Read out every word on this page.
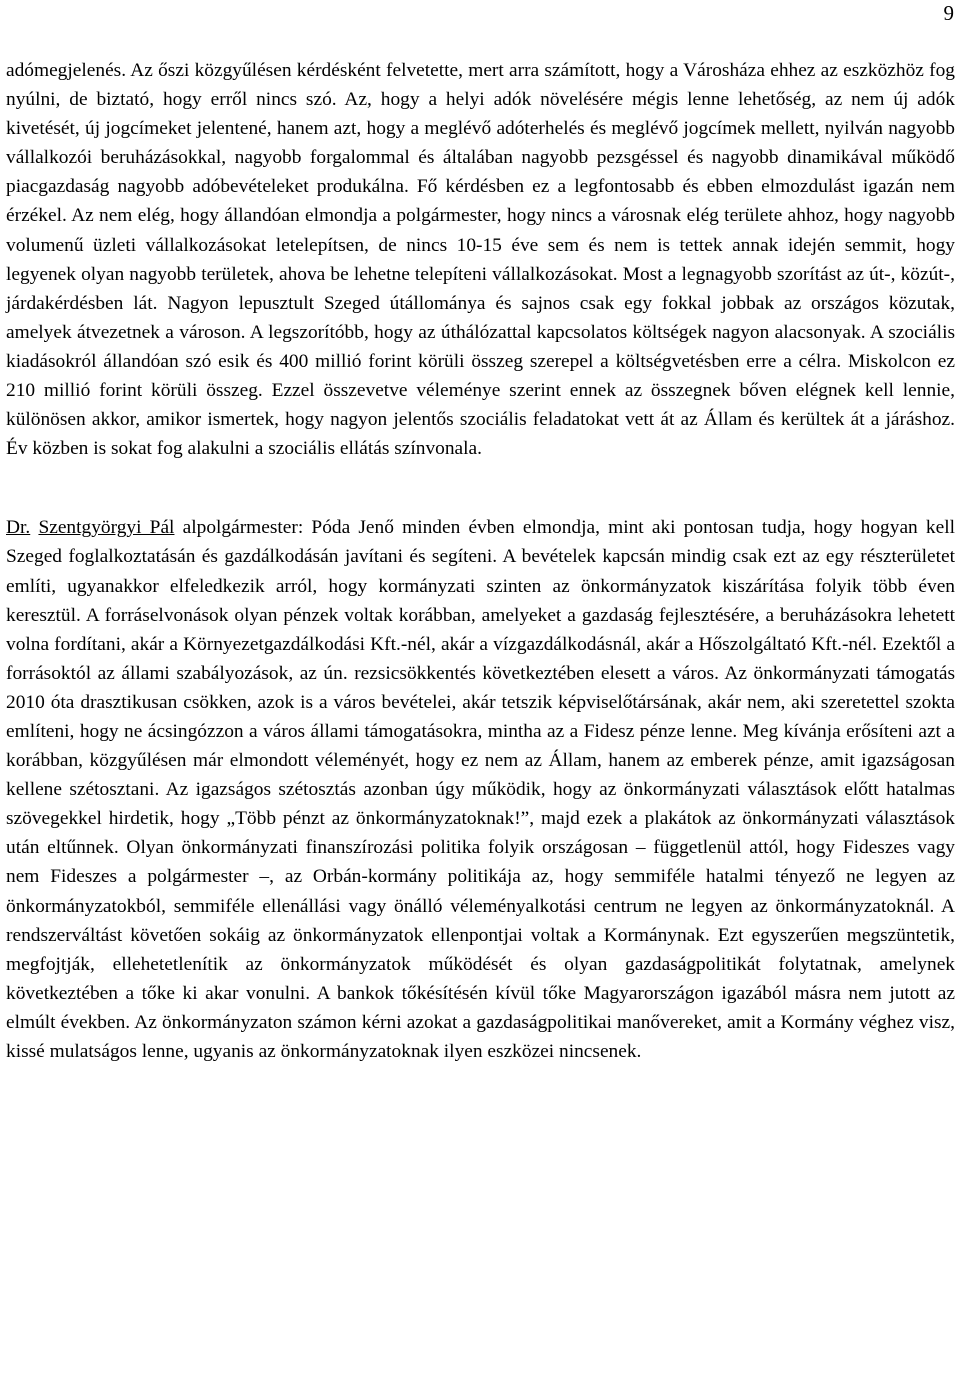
9

adómegjelenés. Az őszi közgyűlésen kérdésként felvetette, mert arra számított, hogy a Városháza ehhez az eszközhöz fog nyúlni, de biztató, hogy erről nincs szó. Az, hogy a helyi adók növelésére mégis lenne lehetőség, az nem új adók kivetését, új jogcímeket jelentené, hanem azt, hogy a meglévő adóterhelés és meglévő jogcímek mellett, nyilván nagyobb vállalkozói beruházásokkal, nagyobb forgalommal és általában nagyobb pezsgéssel és nagyobb dinamikával működő piacgazdaság nagyobb adóbevételeket produkálna. Fő kérdésben ez a legfontosabb és ebben elmozdulást igazán nem érzékel. Az nem elég, hogy állandóan elmondja a polgármester, hogy nincs a városnak elég területe ahhoz, hogy nagyobb volumenű üzleti vállalkozásokat letelepítsen, de nincs 10-15 éve sem és nem is tettek annak idején semmit, hogy legyenek olyan nagyobb területek, ahova be lehetne telepíteni vállalkozásokat. Most a legnagyobb szorítást az út-, közút-, járdakérdésben lát. Nagyon lepusztult Szeged útállománya és sajnos csak egy fokkal jobbak az országos közutak, amelyek átvezetnek a városon. A legszorítóbb, hogy az úthálózattal kapcsolatos költségek nagyon alacsonyak. A szociális kiadásokról állandóan szó esik és 400 millió forint körüli összeg szerepel a költségvetésben erre a célra. Miskolcon ez 210 millió forint körüli összeg. Ezzel összevetve véleménye szerint ennek az összegnek bőven elégnek kell lennie, különösen akkor, amikor ismertek, hogy nagyon jelentős szociális feladatokat vett át az Állam és kerültek át a járáshoz. Év közben is sokat fog alakulni a szociális ellátás színvonala.

Dr. Szentgyörgyi Pál alpolgármester: Póda Jenő minden évben elmondja, mint aki pontosan tudja, hogy hogyan kell Szeged foglalkoztatásán és gazdálkodásán javítani és segíteni. A bevételek kapcsán mindig csak ezt az egy részterületet említi, ugyanakkor elfeledkezik arról, hogy kormányzati szinten az önkormányzatok kiszárítása folyik több éven keresztül. A forráselvonások olyan pénzek voltak korábban, amelyeket a gazdaság fejlesztésére, a beruházásokra lehetett volna fordítani, akár a Környezetgazdálkodási Kft.-nél, akár a vízgazdálkodásnál, akár a Hőszolgáltató Kft.-nél. Ezektől a forrásoktól az állami szabályozások, az ún. rezsicsökkentés következtében elesett a város. Az önkormányzati támogatás 2010 óta drasztikusan csökken, azok is a város bevételei, akár tetszik képviselőtársának, akár nem, aki szeretettel szokta említeni, hogy ne ácsingózzon a város állami támogatásokra, mintha az a Fidesz pénze lenne. Meg kívánja erősíteni azt a korábban, közgyűlésen már elmondott véleményét, hogy ez nem az Állam, hanem az emberek pénze, amit igazságosan kellene szétosztani. Az igazságos szétosztás azonban úgy működik, hogy az önkormányzati választások előtt hatalmas szövegekkel hirdetik, hogy „Több pénzt az önkormányzatoknak!”, majd ezek a plakátok az önkormányzati választások után eltűnnek. Olyan önkormányzati finanszírozási politika folyik országosan – függetlenül attól, hogy Fideszes vagy nem Fideszes a polgármester –, az Orbán-kormány politikája az, hogy semmiféle hatalmi tényező ne legyen az önkormányzatokból, semmiféle ellenállási vagy önálló véleményalkotási centrum ne legyen az önkormányzatoknál. A rendszerváltást követően sokáig az önkormányzatok ellenpontjai voltak a Kormánynak. Ezt egyszerűen megszüntetik, megfojtják, ellehetetlenítik az önkormányzatok működését és olyan gazdaságpolitikát folytatnak, amelynek következtében a tőke ki akar vonulni. A bankok tőkésítésén kívül tőke Magyarországon igazából másra nem jutott az elmúlt években. Az önkormányzaton számon kérni azokat a gazdaságpolitikai manővereket, amit a Kormány véghez visz, kissé mulatságos lenne, ugyanis az önkormányzatoknak ilyen eszközei nincsenek.
